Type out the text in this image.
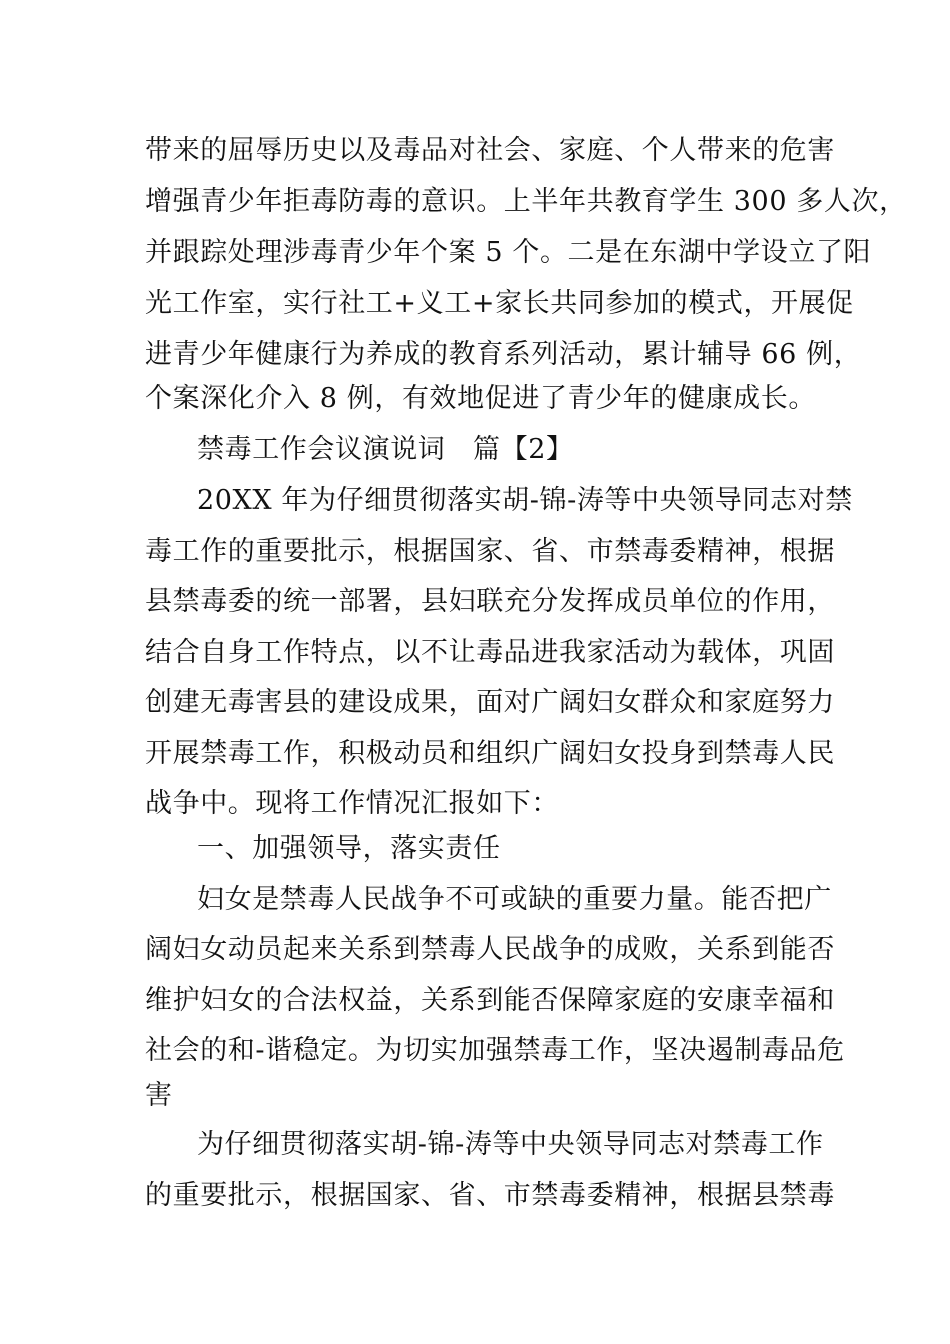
带来的屈辱历史以及毒品对社会、家庭、个人带来的危害
增强青少年拒毒防毒的意识。上半年共教育学生 300 多人次，
并跟踪处理涉毒青少年个案 5 个。二是在东湖中学设立了阳
光工作室，实行社工+义工+家长共同参加的模式，开展促
进青少年健康行为养成的教育系列活动，累计辅导 66 例，
个案深化介入 8 例，有效地促进了青少年的健康成长。
禁毒工作会议演说词　篇【2】
20XX 年为仔细贯彻落实胡-锦-涛等中央领导同志对禁
毒工作的重要批示，根据国家、省、市禁毒委精神，根据
县禁毒委的统一部署，县妇联充分发挥成员单位的作用，
结合自身工作特点，以不让毒品进我家活动为载体，巩固
创建无毒害县的建设成果，面对广阔妇女群众和家庭努力
开展禁毒工作，积极动员和组织广阔妇女投身到禁毒人民
战争中。现将工作情况汇报如下：
一、加强领导，落实责任
妇女是禁毒人民战争不可或缺的重要力量。能否把广
阔妇女动员起来关系到禁毒人民战争的成败，关系到能否
维护妇女的合法权益，关系到能否保障家庭的安康幸福和
社会的和-谐稳定。为切实加强禁毒工作，坚决遏制毒品危
害
为仔细贯彻落实胡-锦-涛等中央领导同志对禁毒工作
的重要批示，根据国家、省、市禁毒委精神，根据县禁毒
